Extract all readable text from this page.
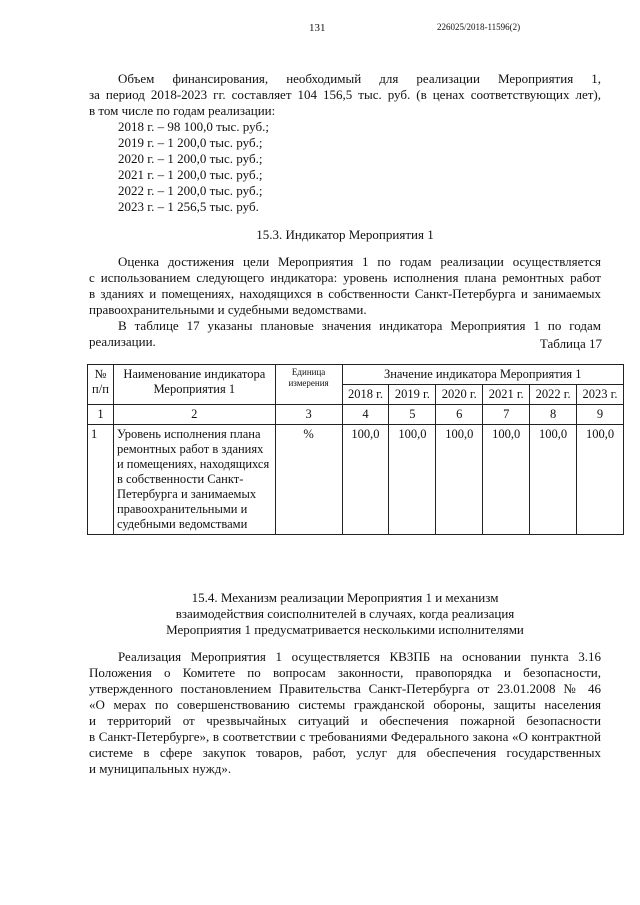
131	226025/2018-11596(2)

Объем финансирования, необходимый для реализации Мероприятия 1,

за период 2018-2023 гг. составляет 104 156,5 тыс. руб. (в ценах соответствующих лет),

в том числе по годам реализации:

2018 г. – 98 100,0 тыс. руб.;
2019 г. – 1 200,0 тыс. руб.;
2020 г. – 1 200,0 тыс. руб.;
2021 г. – 1 200,0 тыс. руб.;
2022 г. – 1 200,0 тыс. руб.;
2023 г. – 1 256,5 тыс. руб.
15.3. Индикатор Мероприятия 1

Оценка достижения цели Мероприятия 1 по годам реализации осуществляется

с использованием следующего индикатора: уровень исполнения плана ремонтных работ

в зданиях и помещениях, находящихся в собственности Санкт-Петербурга и занимаемых

правоохранительными и судебными ведомствами.

В таблице 17 указаны плановые значения индикатора Мероприятия 1 по годам

реализации.	Таблица 17
№ п/п	Наименование индикатора Мероприятия 1	Единица измерения	Значение индикатора Мероприятия 1					
			2018 г.	2019 г.	2020 г.	2021 г.	2022 г.	2023 г.
1	2	3	4	5	6	7	8	9
1	Уровень исполнения плана ремонтных работ в зданиях и помещениях, находящихся в собственности Санкт-Петербурга и занимаемых правоохранительными и судебными ведомствами	%	100,0	100,0	100,0	100,0	100,0	100,0
15.4. Механизм реализации Мероприятия 1 и механизм
взаимодействия соисполнителей в случаях, когда реализация
Мероприятия 1 предусматривается несколькими исполнителями

Реализация Мероприятия 1 осуществляется КВЗПБ на основании пункта 3.16

Положения о Комитете по вопросам законности, правопорядка и безопасности,

утвержденного постановлением Правительства Санкт-Петербурга от 23.01.2008 № 46

«О мерах по совершенствованию системы гражданской обороны, защиты населения

и территорий от чрезвычайных ситуаций и обеспечения пожарной безопасности

в Санкт-Петербурге», в соответствии с требованиями Федерального закона «О контрактной

системе в сфере закупок товаров, работ, услуг для обеспечения государственных

и муниципальных нужд».
